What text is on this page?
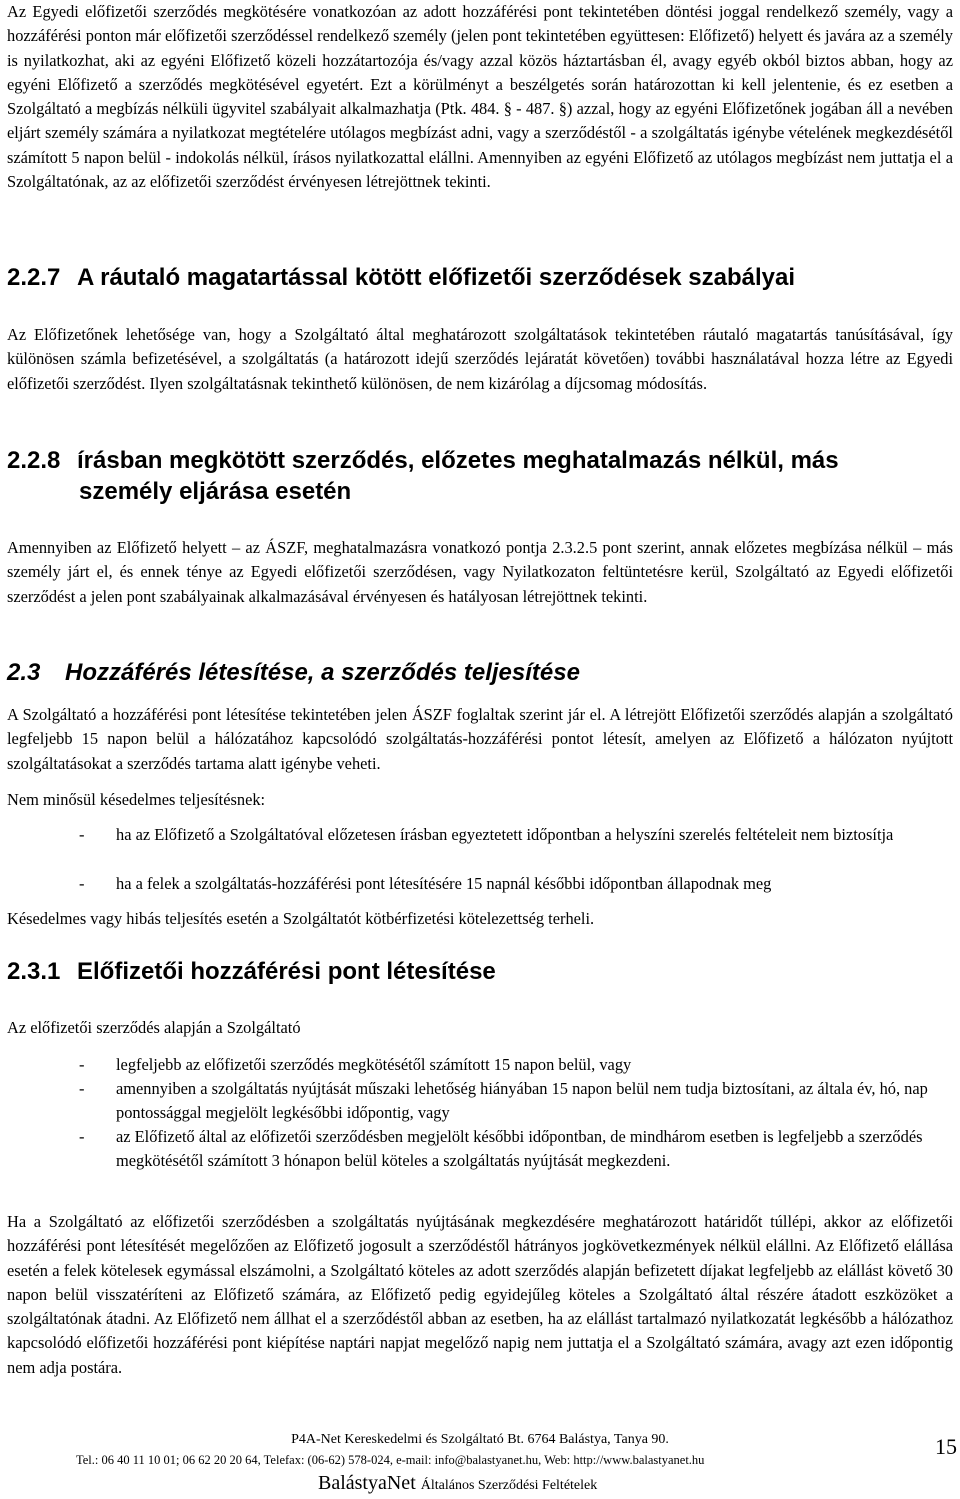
Az Egyedi előfizetői szerződés megkötésére vonatkozóan az adott hozzáférési pont tekintetében döntési joggal rendelkező személy, vagy a hozzáférési ponton már előfizetői szerződéssel rendelkező személy (jelen pont tekintetében együttesen: Előfizető) helyett és javára az a személy is nyilatkozhat, aki az egyéni Előfizető közeli hozzátartozója és/vagy azzal közös háztartásban él, avagy egyéb okból biztos abban, hogy az egyéni Előfizető a szerződés megkötésével egyetért. Ezt a körülményt a beszélgetés során határozottan ki kell jelentenie, és ez esetben a Szolgáltató a megbízás nélküli ügyvitel szabályait alkalmazhatja (Ptk. 484. § - 487. §) azzal, hogy az egyéni Előfizetőnek jogában áll a nevében eljárt személy számára a nyilatkozat megtételére utólagos megbízást adni, vagy a szerződéstől - a szolgáltatás igénybe vételének megkezdésétől számított 5 napon belül - indokolás nélkül, írásos nyilatkozattal elállni. Amennyiben az egyéni Előfizető az utólagos megbízást nem juttatja el a Szolgáltatónak, az az előfizetői szerződést érvényesen létrejöttnek tekinti.

2.2.7 A ráutaló magatartással kötött előfizetői szerződések szabályai

Az Előfizetőnek lehetősége van, hogy a Szolgáltató által meghatározott szolgáltatások tekintetében ráutaló magatartás tanúsításával, így különösen számla befizetésével, a szolgáltatás (a határozott idejű szerződés lejáratát követően) további használatával hozza létre az Egyedi előfizetői szerződést. Ilyen szolgáltatásnak tekinthető különösen, de nem kizárólag a díjcsomag módosítás.

2.2.8 írásban megkötött szerződés, előzetes meghatalmazás nélkül, más
személy eljárása esetén

Amennyiben az Előfizető helyett – az ÁSZF, meghatalmazásra vonatkozó pontja 2.3.2.5 pont szerint, annak előzetes megbízása nélkül – más személy járt el, és ennek ténye az Egyedi előfizetői szerződésen, vagy Nyilatkozaton feltüntetésre kerül, Szolgáltató az Egyedi előfizetői szerződést a jelen pont szabályainak alkalmazásával érvényesen és hatályosan létrejöttnek tekinti.

2.3 Hozzáférés létesítése, a szerződés teljesítése

A Szolgáltató a hozzáférési pont létesítése tekintetében jelen ÁSZF foglaltak szerint jár el. A létrejött Előfizetői szerződés alapján a szolgáltató legfeljebb 15 napon belül a hálózatához kapcsolódó szolgáltatás-hozzáférési pontot létesít, amelyen az Előfizető a hálózaton nyújtott szolgáltatásokat a szerződés tartama alatt igénybe veheti.

Nem minősül késedelmes teljesítésnek:

- ha az Előfizető a Szolgáltatóval előzetesen írásban egyeztetett időpontban a helyszíni szerelés feltételeit nem biztosítja
- ha a felek a szolgáltatás-hozzáférési pont létesítésére 15 napnál későbbi időpontban állapodnak meg

Késedelmes vagy hibás teljesítés esetén a Szolgáltatót kötbérfizetési kötelezettség terheli.

2.3.1 Előfizetői hozzáférési pont létesítése

Az előfizetői szerződés alapján a Szolgáltató

- legfeljebb az előfizetői szerződés megkötésétől számított 15 napon belül, vagy
- amennyiben a szolgáltatás nyújtását műszaki lehetőség hiányában 15 napon belül nem tudja biztosítani, az általa év, hó, nap pontossággal megjelölt legkésőbbi időpontig, vagy
- az Előfizető által az előfizetői szerződésben megjelölt későbbi időpontban, de mindhárom esetben is legfeljebb a szerződés megkötésétől számított 3 hónapon belül köteles a szolgáltatás nyújtását megkezdeni.

Ha a Szolgáltató az előfizetői szerződésben a szolgáltatás nyújtásának megkezdésére meghatározott határidőt túllépi, akkor az előfizetői hozzáférési pont létesítését megelőzően az Előfizető jogosult a szerződéstől hátrányos jogkövetkezmények nélkül elállni. Az Előfizető elállása esetén a felek kötelesek egymással elszámolni, a Szolgáltató köteles az adott szerződés alapján befizetett díjakat legfeljebb az elállást követő 30 napon belül visszatéríteni az Előfizető számára, az Előfizető pedig egyidejűleg köteles a Szolgáltató által részére átadott eszközöket a szolgáltatónak átadni. Az Előfizető nem állhat el a szerződéstől abban az esetben, ha az elállást tartalmazó nyilatkozatát legkésőbb a hálózathoz kapcsolódó előfizetői hozzáférési pont kiépítése naptári napjat megelőző napig nem juttatja el a Szolgáltató számára, avagy azt ezen időpontig nem adja postára.

P4A-Net Kereskedelmi és Szolgáltató Bt. 6764 Balástya, Tanya 90.
Tel.: 06 40 11 10 01; 06 62 20 20 64, Telefax: (06-62) 578-024, e-mail: info@balastyanet.hu, Web: http://www.balastyanet.hu
BalástyaNet Általános Szerződési Feltételek
15
